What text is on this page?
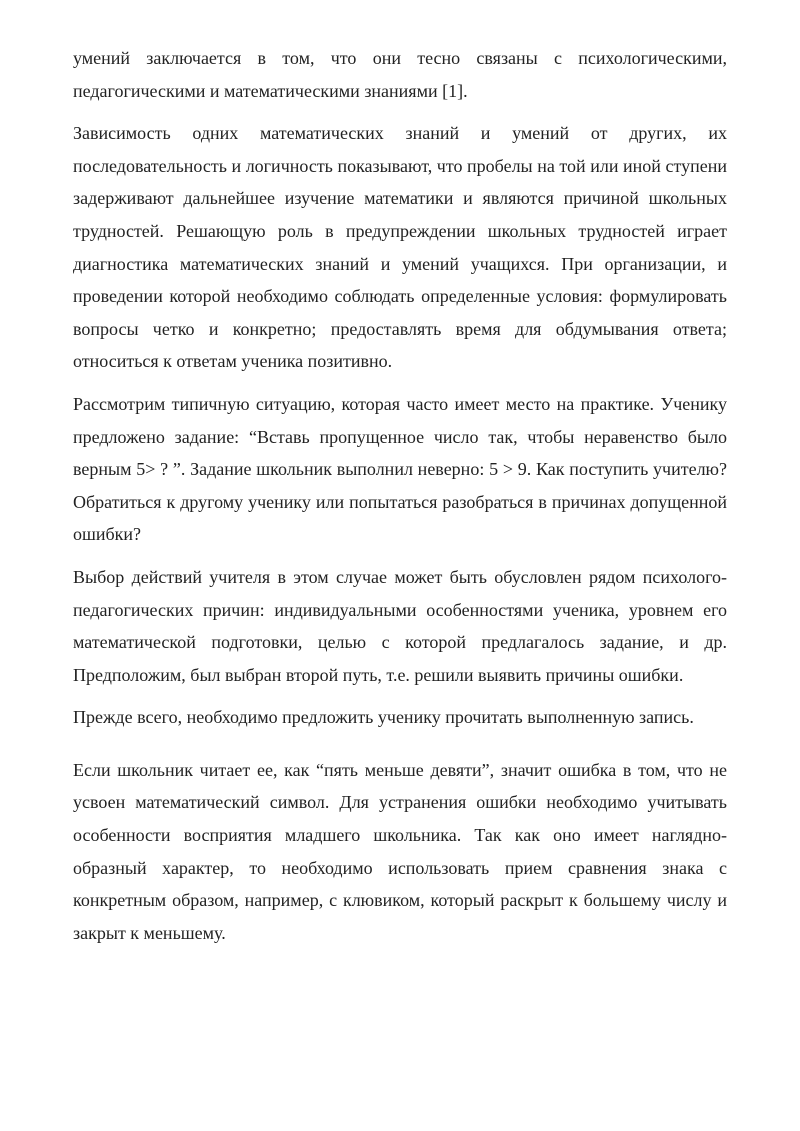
умений заключается в том, что они тесно связаны с психологическими, педагогическими и математическими знаниями [1].

Зависимость одних математических знаний и умений от других, их последовательность и логичность показывают, что пробелы на той или иной ступени задерживают дальнейшее изучение математики и являются причиной школьных трудностей. Решающую роль в предупреждении школьных трудностей играет диагностика математических знаний и умений учащихся. При организации, и проведении которой необходимо соблюдать определенные условия: формулировать вопросы четко и конкретно; предоставлять время для обдумывания ответа; относиться к ответам ученика позитивно.

Рассмотрим типичную ситуацию, которая часто имеет место на практике. Ученику предложено задание: “Вставь пропущенное число так, чтобы неравенство было верным 5> ? ”. Задание школьник выполнил неверно: 5 > 9. Как поступить учителю? Обратиться к другому ученику или попытаться разобраться в причинах допущенной ошибки?

Выбор действий учителя в этом случае может быть обусловлен рядом психолого-педагогических причин: индивидуальными особенностями ученика, уровнем его математической подготовки, целью с которой предлагалось задание, и др. Предположим, был выбран второй путь, т.е. решили выявить причины ошибки.

Прежде всего, необходимо предложить ученику прочитать выполненную запись.

Если школьник читает ее, как “пять меньше девяти”, значит ошибка в том, что не усвоен математический символ. Для устранения ошибки необходимо учитывать особенности восприятия младшего школьника. Так как оно имеет наглядно-образный характер, то необходимо использовать прием сравнения знака с конкретным образом, например, с клювиком, который раскрыт к большему числу и закрыт к меньшему.
